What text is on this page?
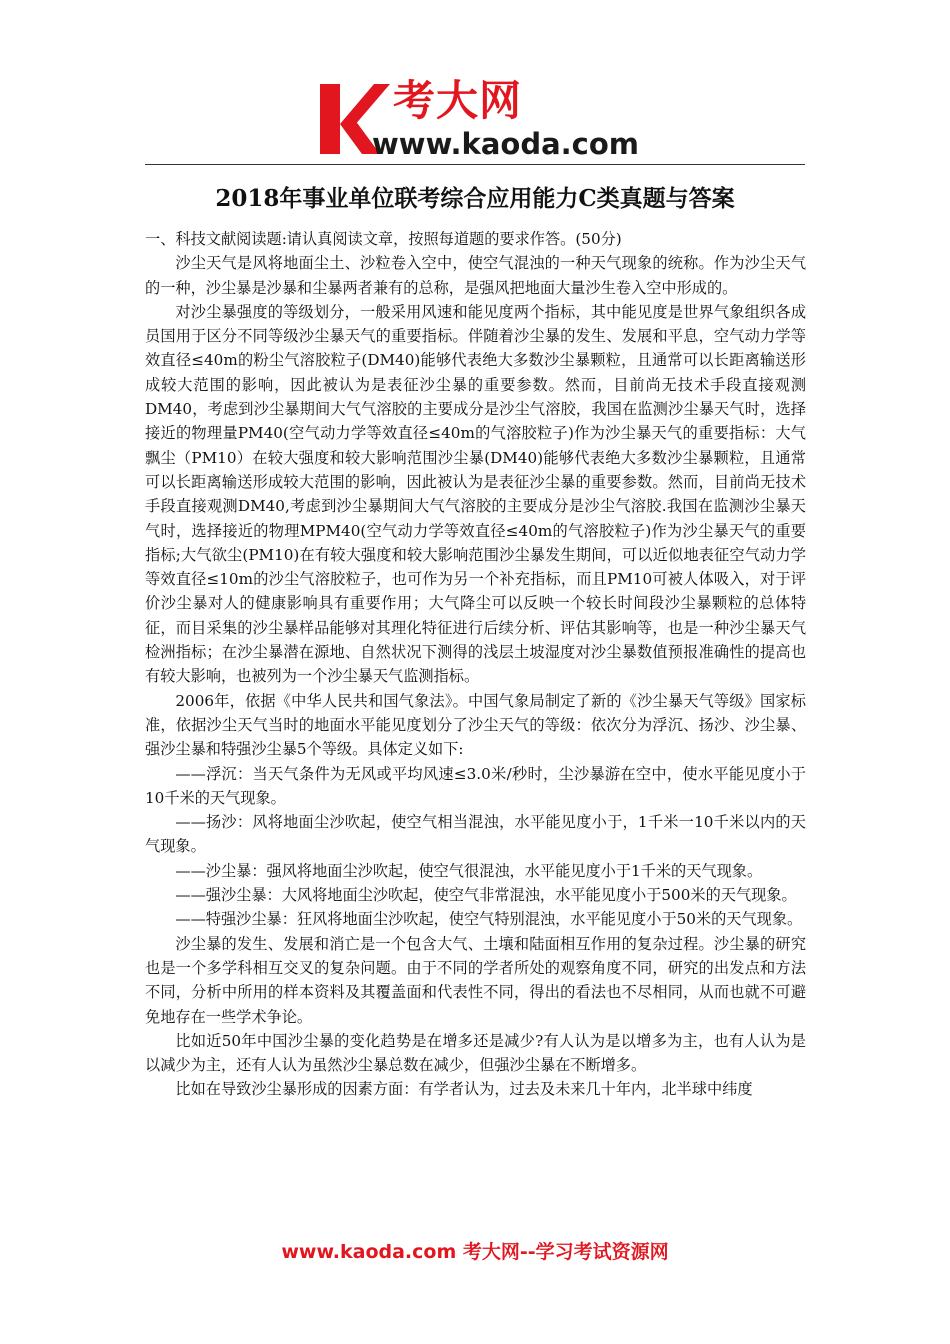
考大网
www.kaoda.com
2018年事业单位联考综合应用能力C类真题与答案

一、科技文献阅读题:请认真阅读文章，按照每道题的要求作答。(50分)

沙尘天气是风将地面尘土、沙粒卷入空中，使空气混浊的一种天气现象的统称。作为沙尘天气的一种，沙尘暴是沙暴和尘暴两者兼有的总称，是强风把地面大量沙生卷入空中形成的。

对沙尘暴强度的等级划分，一般采用风速和能见度两个指标，其中能见度是世界气象组织各成员国用于区分不同等级沙尘暴天气的重要指标。伴随着沙尘暴的发生、发展和平息，空气动力学等效直径≤40m的粉尘气溶胶粒子(DM40)能够代表绝大多数沙尘暴颗粒，且通常可以长距离输送形成较大范围的影响，因此被认为是表征沙尘暴的重要参数。然而，目前尚无技术手段直接观测DM40，考虑到沙尘暴期间大气气溶胶的主要成分是沙尘气溶胶，我国在监测沙尘暴天气时，选择接近的物理量PM40(空气动力学等效直径≤40m的气溶胶粒子)作为沙尘暴天气的重要指标：大气飘尘（PM10）在较大强度和较大影响范围沙尘暴(DM40)能够代表绝大多数沙尘暴颗粒，且通常可以长距离输送形成较大范围的影响，因此被认为是表征沙尘暴的重要参数。然而，目前尚无技术手段直接观测DM40,考虑到沙尘暴期间大气气溶胶的主要成分是沙尘气溶胶.我国在监测沙尘暴天气时，选择接近的物理MPM40(空气动力学等效直径≤40m的气溶胶粒子)作为沙尘暴天气的重要指标;大气欲尘(PM10)在有较大强度和较大影响范围沙尘暴发生期间，可以近似地表征空气动力学等效直径≤10m的沙尘气溶胶粒子，也可作为另一个补充指标，而且PM10可被人体吸入，对于评价沙尘暴对人的健康影响具有重要作用；大气降尘可以反映一个较长时间段沙尘暴颗粒的总体特征，而目采集的沙尘暴样品能够对其理化特征进行后续分析、评估其影响等，也是一种沙尘暴天气检洲指标；在沙尘暴潜在源地、自然状况下测得的浅层土坡湿度对沙尘暴数值预报准确性的提高也有较大影响，也被列为一个沙尘暴天气监测指标。

2006年，依据《中华人民共和国气象法》。中国气象局制定了新的《沙尘暴天气等级》国家标准，依据沙尘天气当时的地面水平能见度划分了沙尘天气的等级：依次分为浮沉、扬沙、沙尘暴、强沙尘暴和特强沙尘暴5个等级。具体定义如下:

——浮沉：当天气条件为无风或平均风速≤3.0米/秒时，尘沙暴游在空中，使水平能见度小于10千米的天气现象。

——扬沙：风将地面尘沙吹起，使空气相当混浊，水平能见度小于，1千米一10千米以内的天气现象。

——沙尘暴：强风将地面尘沙吹起，使空气很混浊，水平能见度小于1千米的天气现象。

——强沙尘暴：大风将地面尘沙吹起，使空气非常混浊，水平能见度小于500米的天气现象。

——特强沙尘暴：狂风将地面尘沙吹起，使空气特别混浊，水平能见度小于50米的天气现象。

沙尘暴的发生、发展和消亡是一个包含大气、土壤和陆面相互作用的复杂过程。沙尘暴的研究也是一个多学科相互交叉的复杂问题。由于不同的学者所处的观察角度不同，研究的出发点和方法不同，分析中所用的样本资料及其覆盖面和代表性不同，得出的看法也不尽相同，从而也就不可避免地存在一些学术争论。

比如近50年中国沙尘暴的变化趋势是在增多还是减少?有人认为是以增多为主，也有人认为是以减少为主，还有人认为虽然沙尘暴总数在减少，但强沙尘暴在不断增多。

比如在导致沙尘暴形成的因素方面：有学者认为，过去及未来几十年内，北半球中纬度

www.kaoda.com 考大网--学习考试资源网
